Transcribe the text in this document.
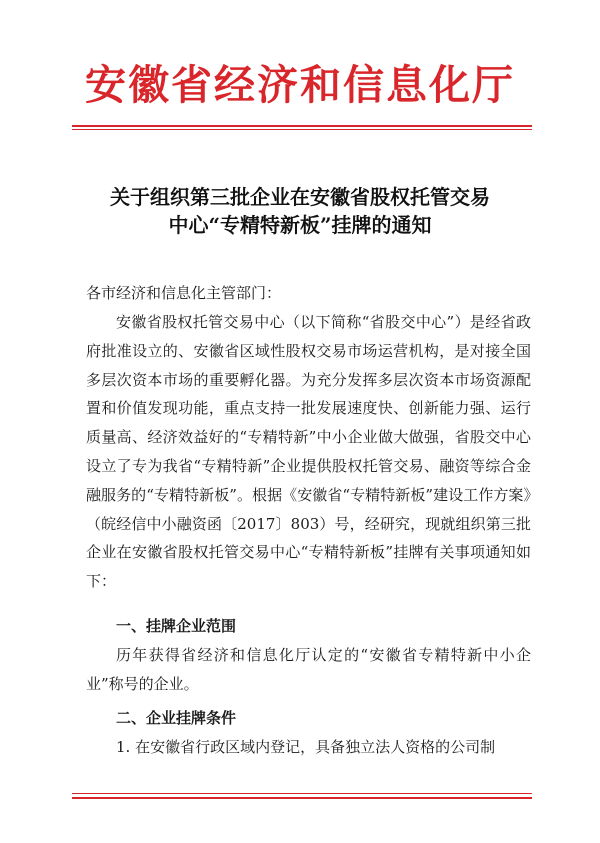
安徽省经济和信息化厅
关于组织第三批企业在安徽省股权托管交易
中心“专精特新板”挂牌的通知
各市经济和信息化主管部门：
安徽省股权托管交易中心（以下简称“省股交中心”）是经省政府批准设立的、安徽省区域性股权交易市场运营机构，是对接全国多层次资本市场的重要孵化器。为充分发挥多层次资本市场资源配置和价值发现功能，重点支持一批发展速度快、创新能力强、运行质量高、经济效益好的“专精特新”中小企业做大做强，省股交中心设立了专为我省“专精特新”企业提供股权托管交易、融资等综合金融服务的“专精特新板”。根据《安徽省“专精特新板”建设工作方案》（皖经信中小融资函〔2017〕803）号，经研究，现就组织第三批企业在安徽省股权托管交易中心“专精特新板”挂牌有关事项通知如下：
一、挂牌企业范围
历年获得省经济和信息化厅认定的“安徽省专精特新中小企业”称号的企业。
二、企业挂牌条件
1. 在安徽省行政区域内登记，具备独立法人资格的公司制
